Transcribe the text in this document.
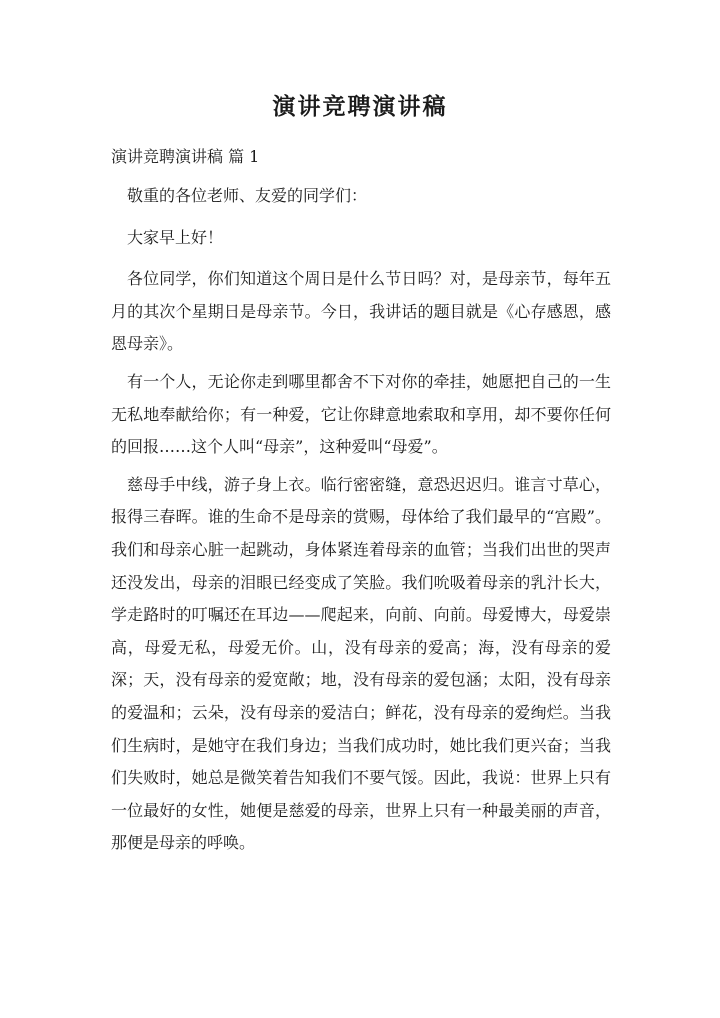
演讲竞聘演讲稿
演讲竞聘演讲稿 篇 1

敬重的各位老师、友爱的同学们：

大家早上好！

各位同学，你们知道这个周日是什么节日吗？对，是母亲节，每年五月的其次个星期日是母亲节。今日，我讲话的题目就是《心存感恩，感恩母亲》。

有一个人，无论你走到哪里都舍不下对你的牵挂，她愿把自己的一生无私地奉献给你；有一种爱，它让你肆意地索取和享用，却不要你任何的回报……这个人叫“母亲”，这种爱叫“母爱”。

慈母手中线，游子身上衣。临行密密缝，意恐迟迟归。谁言寸草心，报得三春晖。谁的生命不是母亲的赏赐，母体给了我们最早的“宫殿”。我们和母亲心脏一起跳动，身体紧连着母亲的血管；当我们出世的哭声还没发出，母亲的泪眼已经变成了笑脸。我们吮吸着母亲的乳汁长大，学走路时的叮嘱还在耳边——爬起来，向前、向前。母爱博大，母爱崇高，母爱无私，母爱无价。山，没有母亲的爱高；海，没有母亲的爱深；天，没有母亲的爱宽敞；地，没有母亲的爱包涵；太阳，没有母亲的爱温和；云朵，没有母亲的爱洁白；鲜花，没有母亲的爱绚烂。当我们生病时，是她守在我们身边；当我们成功时，她比我们更兴奋；当我们失败时，她总是微笑着告知我们不要气馁。因此，我说：世界上只有一位最好的女性，她便是慈爱的母亲，世界上只有一种最美丽的声音，那便是母亲的呼唤。
